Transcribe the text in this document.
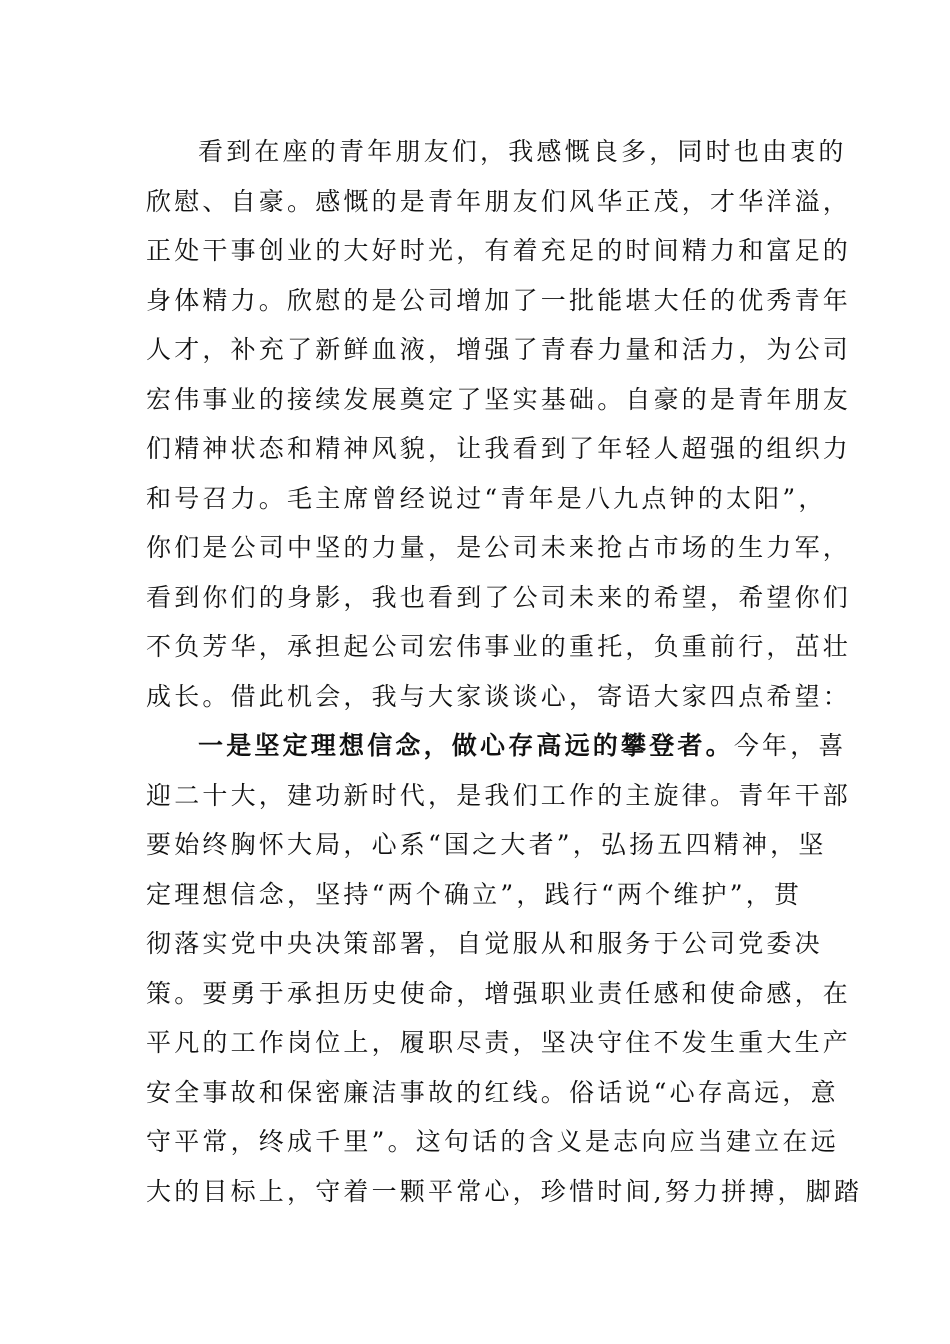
看到在座的青年朋友们，我感慨良多，同时也由衷的
欣慰、自豪。感慨的是青年朋友们风华正茂，才华洋溢，
正处干事创业的大好时光，有着充足的时间精力和富足的
身体精力。欣慰的是公司增加了一批能堪大任的优秀青年
人才，补充了新鲜血液，增强了青春力量和活力，为公司
宏伟事业的接续发展奠定了坚实基础。自豪的是青年朋友
们精神状态和精神风貌，让我看到了年轻人超强的组织力
和号召力。毛主席曾经说过“青年是八九点钟的太阳”，
你们是公司中坚的力量，是公司未来抢占市场的生力军，
看到你们的身影，我也看到了公司未来的希望，希望你们
不负芳华，承担起公司宏伟事业的重托，负重前行，茁壮
成长。借此机会，我与大家谈谈心，寄语大家四点希望：
一是坚定理想信念，做心存高远的攀登者。今年，喜
迎二十大，建功新时代，是我们工作的主旋律。青年干部
要始终胸怀大局，心系“国之大者”，弘扬五四精神，坚
定理想信念，坚持“两个确立”，践行“两个维护”，贯
彻落实党中央决策部署，自觉服从和服务于公司党委决
策。要勇于承担历史使命，增强职业责任感和使命感，在
平凡的工作岗位上，履职尽责，坚决守住不发生重大生产
安全事故和保密廉洁事故的红线。俗话说“心存高远，意
守平常，终成千里”。这句话的含义是志向应当建立在远
大的目标上，守着一颗平常心，珍惜时间,努力拼搏，脚踏
